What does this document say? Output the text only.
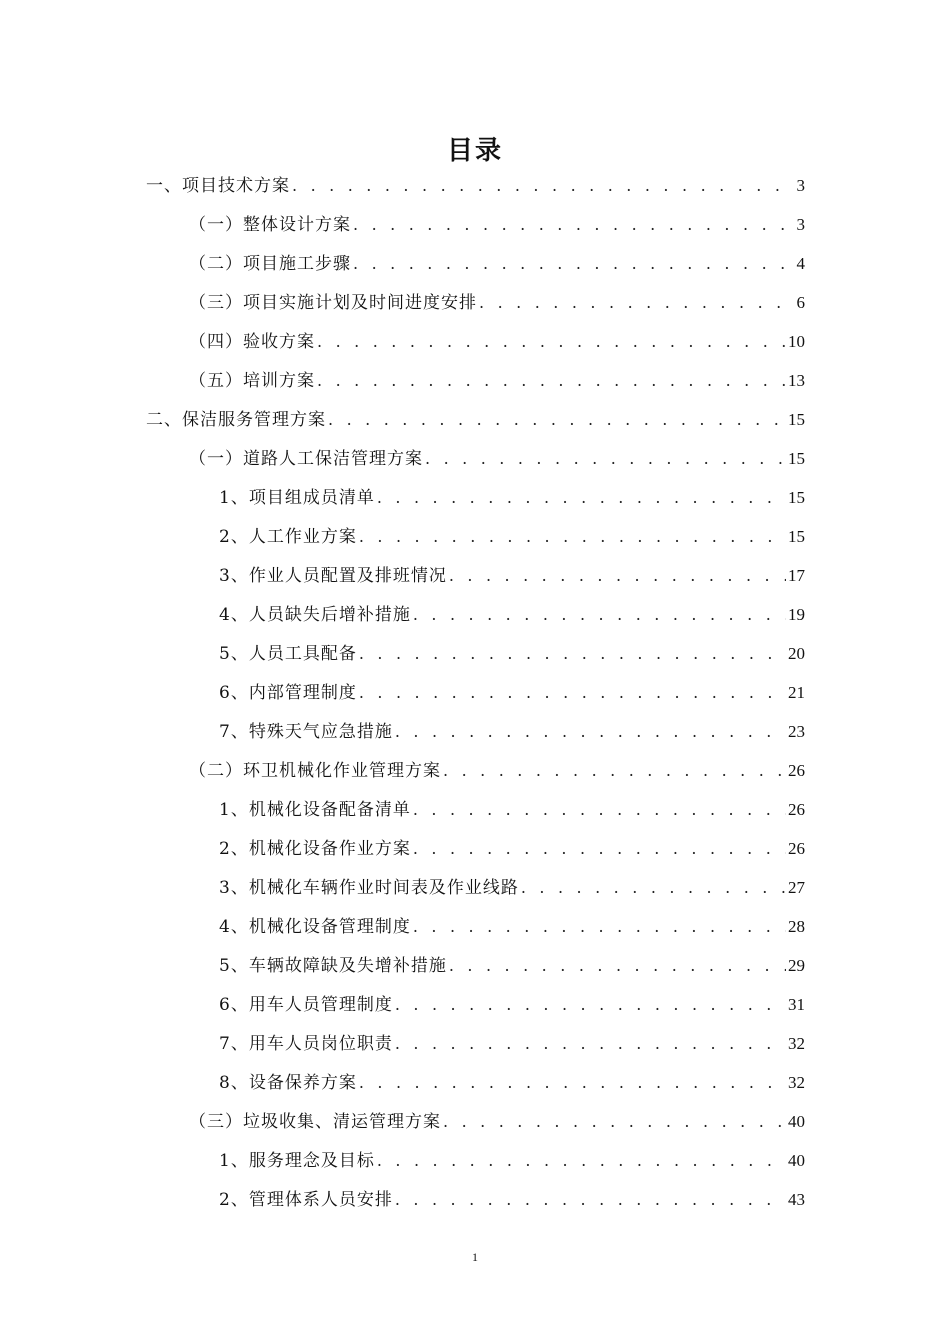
目录
一、项目技术方案 . . .	3
（一）整体设计方案 . . .	3
（二）项目施工步骤 . . .	4
（三）项目实施计划及时间进度安排 . . .	6
（四）验收方案 . . .	10
（五）培训方案 . . .	13
二、保洁服务管理方案 . . .	15
（一）道路人工保洁管理方案 . . .	15
1、项目组成员清单 . . .	15
2、人工作业方案 . . .	15
3、作业人员配置及排班情况 . . .	17
4、人员缺失后增补措施 . . .	19
5、人员工具配备 . . .	20
6、内部管理制度 . . .	21
7、特殊天气应急措施 . . .	23
（二）环卫机械化作业管理方案 . . .	26
1、机械化设备配备清单 . . .	26
2、机械化设备作业方案 . . .	26
3、机械化车辆作业时间表及作业线路 . . .	27
4、机械化设备管理制度 . . .	28
5、车辆故障缺及失增补措施 . . .	29
6、用车人员管理制度 . . .	31
7、用车人员岗位职责 . . .	32
8、设备保养方案 . . .	32
（三）垃圾收集、清运管理方案 . . .	40
1、服务理念及目标 . . .	40
2、管理体系人员安排 . . .	43
1
